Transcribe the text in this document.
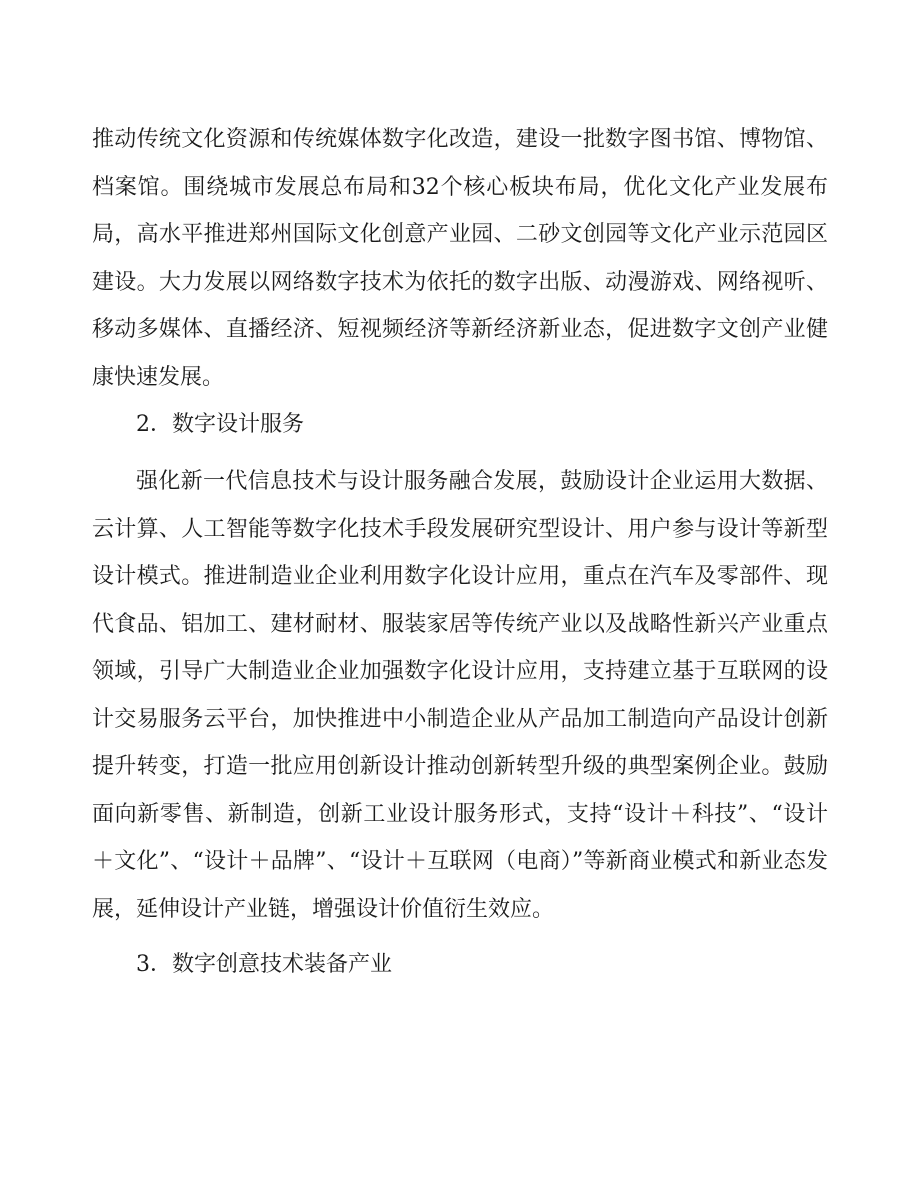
推动传统文化资源和传统媒体数字化改造，建设一批数字图书馆、博物馆、档案馆。围绕城市发展总布局和32个核心板块布局，优化文化产业发展布局，高水平推进郑州国际文化创意产业园、二砂文创园等文化产业示范园区建设。大力发展以网络数字技术为依托的数字出版、动漫游戏、网络视听、移动多媒体、直播经济、短视频经济等新经济新业态，促进数字文创产业健康快速发展。

2．数字设计服务

强化新一代信息技术与设计服务融合发展，鼓励设计企业运用大数据、云计算、人工智能等数字化技术手段发展研究型设计、用户参与设计等新型设计模式。推进制造业企业利用数字化设计应用，重点在汽车及零部件、现代食品、铝加工、建材耐材、服装家居等传统产业以及战略性新兴产业重点领域，引导广大制造业企业加强数字化设计应用，支持建立基于互联网的设计交易服务云平台，加快推进中小制造企业从产品加工制造向产品设计创新提升转变，打造一批应用创新设计推动创新转型升级的典型案例企业。鼓励面向新零售、新制造，创新工业设计服务形式，支持“设计＋科技”、“设计＋文化”、“设计＋品牌”、“设计＋互联网（电商）”等新商业模式和新业态发展，延伸设计产业链，增强设计价值衍生效应。

3．数字创意技术装备产业
